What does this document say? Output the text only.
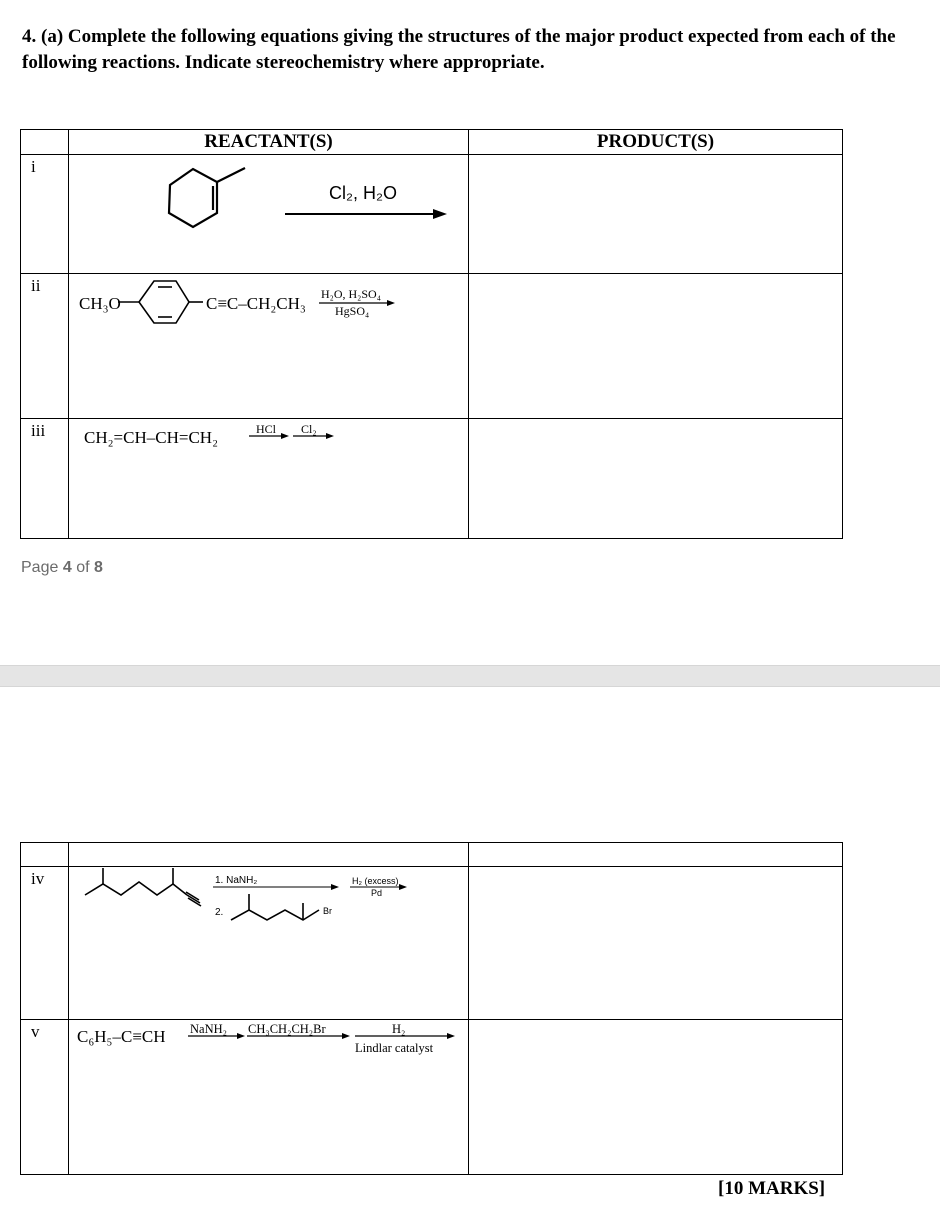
4. (a) Complete the following equations giving the structures of the major product expected from each of the following reactions. Indicate stereochemistry where appropriate.

	REACTANT(S)	PRODUCT(S)
i	Cl₂, H₂O	

ii	CH₃O C≡C–CH₂CH₃ H₂O, H₂SO₄
HgSO₄	

iii	CH₂=CH–CH=CH₂ HCl Cl₂	

Page 4 of 8

iv	1. NaNH₂
2. Br
H₂ (excess)
Pd	

v	C₆H₅–C≡CH NaNH₂ CH₃CH₂CH₂Br H₂
Lindlar catalyst	

[10 MARKS]
